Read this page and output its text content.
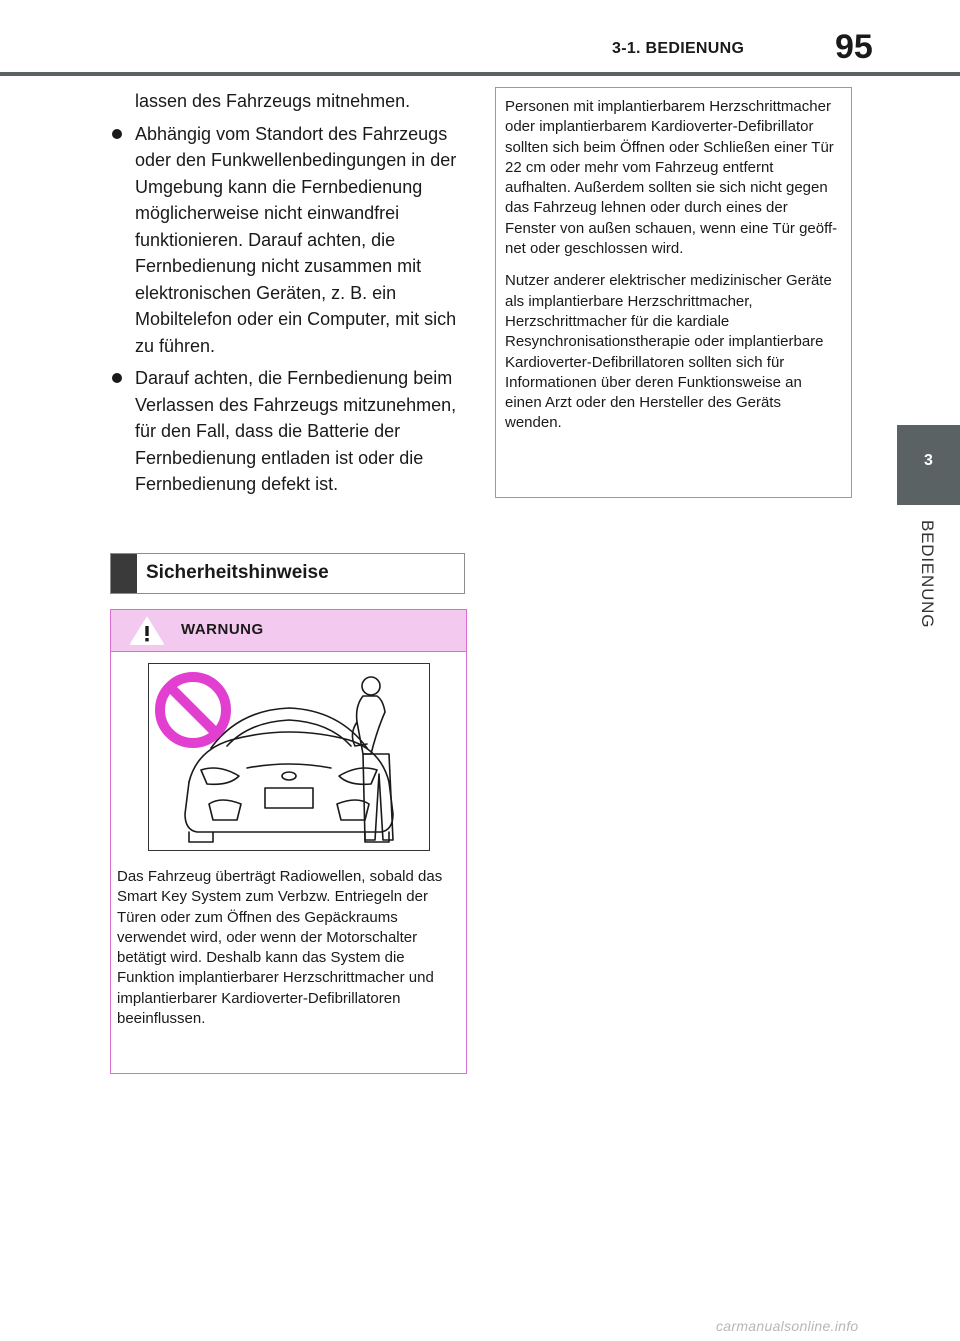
3-1. BEDIENUNG	95
3
BEDIENUNG
lassen des Fahrzeugs mitnehmen.
Abhängig vom Standort des Fahrzeugs oder den Funkwellenbedingungen in der Umgebung kann die Fernbedienung möglicherweise nicht einwandfrei funktionieren. Darauf achten, die Fernbedienung nicht zusammen mit elektronischen Geräten, z. B. ein Mobiltelefon oder ein Computer, mit sich zu führen.
Darauf achten, die Fernbedienung beim Verlassen des Fahrzeugs mitzunehmen, für den Fall, dass die Batterie der Fernbedienung entladen ist oder die Fernbedienung defekt ist.
Sicherheitshinweise
WARNUNG
Das Fahrzeug überträgt Radiowellen, sobald das Smart Key System zum Verbzw. Entriegeln der Türen oder zum Öffnen des Gepäckraums verwendet wird, oder wenn der Motorschalter betätigt wird. Deshalb kann das System die Funktion implantierbarer Herzschrittmacher und implantierbarer Kardioverter-Defibrillatoren beeinflussen.

Personen mit implantierbarem Herzschrittmacher oder implantierbarem Kardioverter-Defibrillator sollten sich beim Öffnen oder Schließen einer Tür 22 cm oder mehr vom Fahrzeug entfernt aufhalten. Außerdem sollten sie sich nicht gegen das Fahrzeug lehnen oder durch eines der Fenster von außen schauen, wenn eine Tür geöffnet oder geschlossen wird.

Nutzer anderer elektrischer medizinischer Geräte als implantierbare Herzschrittmacher, Herzschrittmacher für die kardiale Resynchronisationstherapie oder implantierbare Kardioverter-Defibrillatoren sollten sich für Informationen über deren Funktionsweise an einen Arzt oder den Hersteller des Geräts wenden.

carmanualsonline.info
